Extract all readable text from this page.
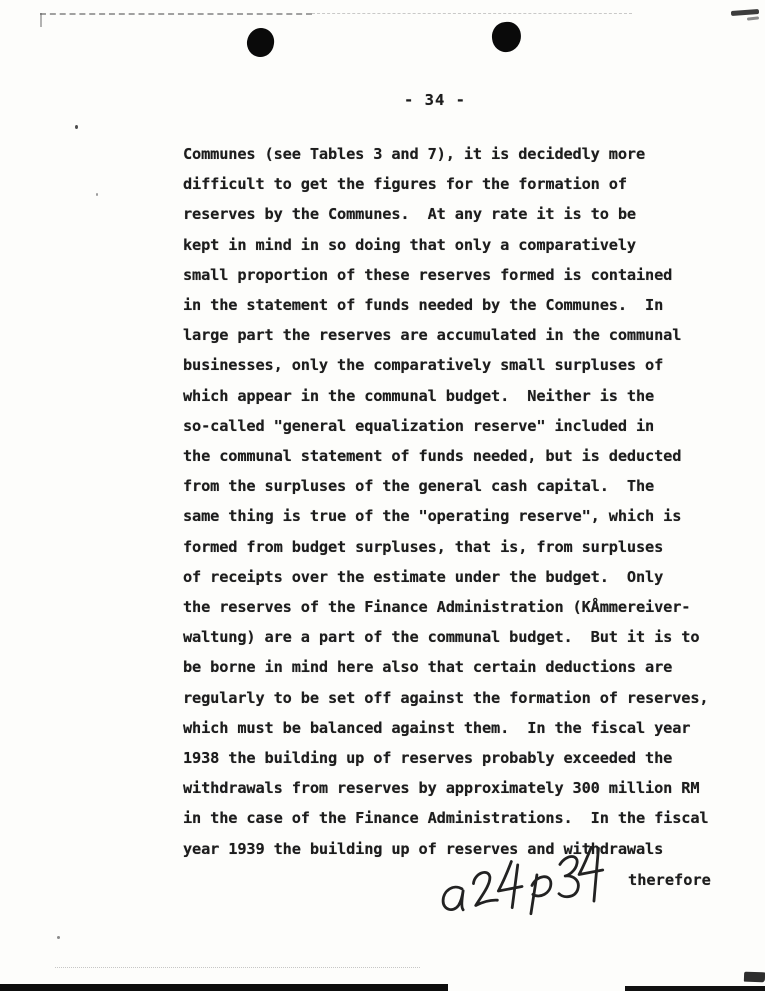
- 34 -
Communes (see Tables 3 and 7), it is decidedly more
difficult to get the figures for the formation of
reserves by the Communes.  At any rate it is to be
kept in mind in so doing that only a comparatively
small proportion of these reserves formed is contained
in the statement of funds needed by the Communes.  In
large part the reserves are accumulated in the communal
businesses, only the comparatively small surpluses of
which appear in the communal budget.  Neither is the
so-called "general equalization reserve" included in
the communal statement of funds needed, but is deducted
from the surpluses of the general cash capital.  The
same thing is true of the "operating reserve", which is
formed from budget surpluses, that is, from surpluses
of receipts over the estimate under the budget.  Only
the reserves of the Finance Administration (KÅmmereiver-
waltung) are a part of the communal budget.  But it is to
be borne in mind here also that certain deductions are
regularly to be set off against the formation of reserves,
which must be balanced against them.  In the fiscal year
1938 the building up of reserves probably exceeded the
withdrawals from reserves by approximately 300 million RM
in the case of the Finance Administrations.  In the fiscal
year 1939 the building up of reserves and withdrawals
therefore
